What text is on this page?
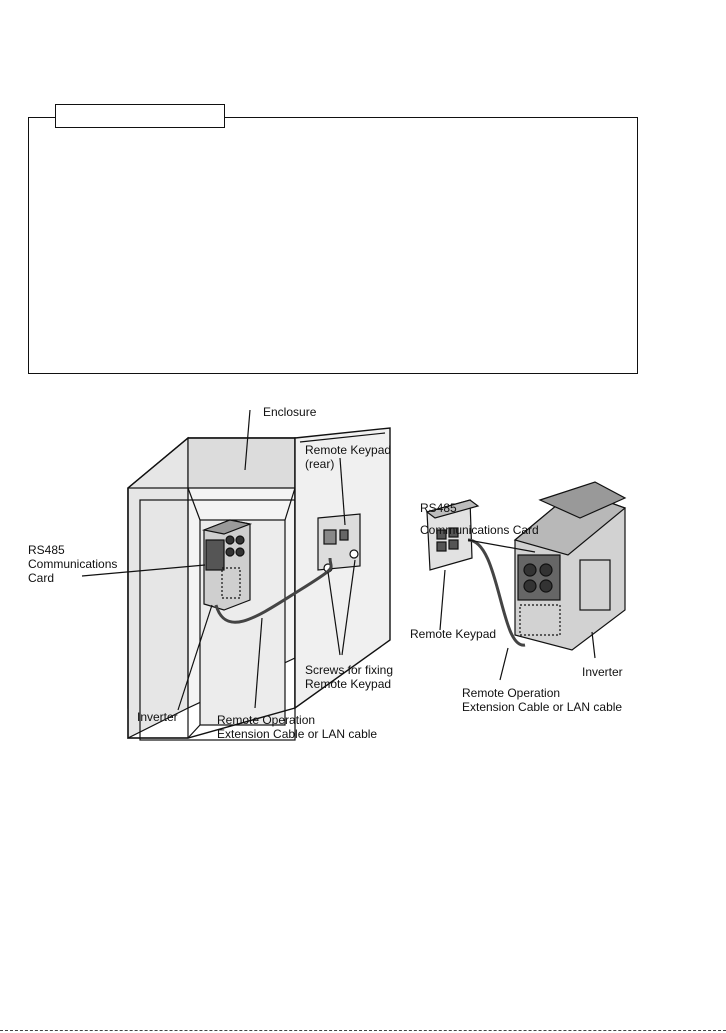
Enclosure
Remote Keypad
(rear)
RS485
Communications
Card
Screws for fixing
Remote Keypad
Inverter	Remote Operation
Extension Cable or LAN cable
RS485
Communications Card
Remote Keypad
Inverter
Remote Operation
Extension Cable or LAN cable
